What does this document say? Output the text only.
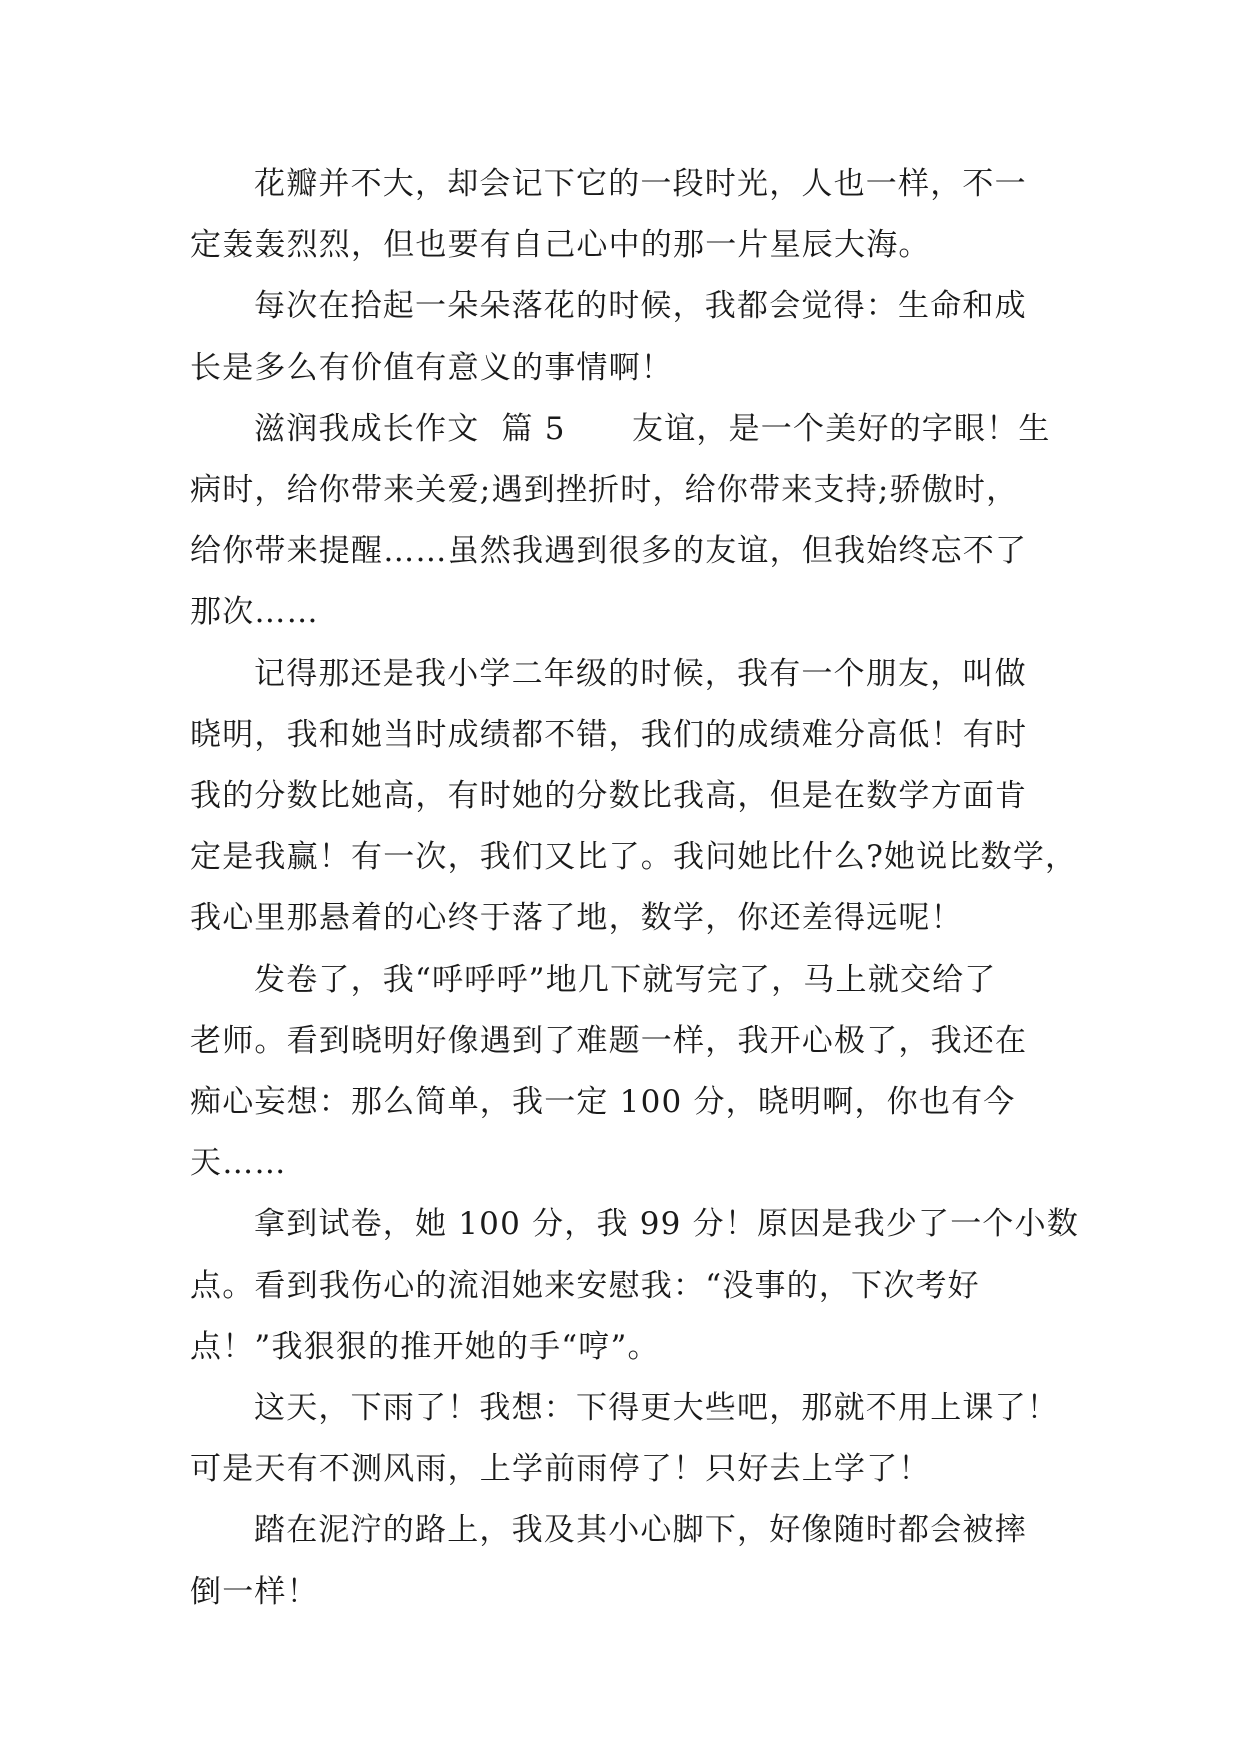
花瓣并不大，却会记下它的一段时光，人也一样，不一
定轰轰烈烈，但也要有自己心中的那一片星辰大海。

每次在拾起一朵朵落花的时候，我都会觉得：生命和成
长是多么有价值有意义的事情啊！

滋润我成长作文  篇 5      友谊，是一个美好的字眼！生
病时，给你带来关爱;遇到挫折时，给你带来支持;骄傲时，
给你带来提醒……虽然我遇到很多的友谊，但我始终忘不了
那次……

记得那还是我小学二年级的时候，我有一个朋友，叫做
晓明，我和她当时成绩都不错，我们的成绩难分高低！有时
我的分数比她高，有时她的分数比我高，但是在数学方面肯
定是我赢！有一次，我们又比了。我问她比什么?她说比数学，
我心里那悬着的心终于落了地，数学，你还差得远呢！

发卷了，我“呼呼呼”地几下就写完了，马上就交给了
老师。看到晓明好像遇到了难题一样，我开心极了，我还在
痴心妄想：那么简单，我一定 100 分，晓明啊，你也有今
天……

拿到试卷，她 100 分，我 99 分！原因是我少了一个小数
点。看到我伤心的流泪她来安慰我：“没事的，下次考好
点！”我狠狠的推开她的手“哼”。

这天，下雨了！我想：下得更大些吧，那就不用上课了！
可是天有不测风雨，上学前雨停了！只好去上学了！

踏在泥泞的路上，我及其小心脚下，好像随时都会被摔
倒一样！
